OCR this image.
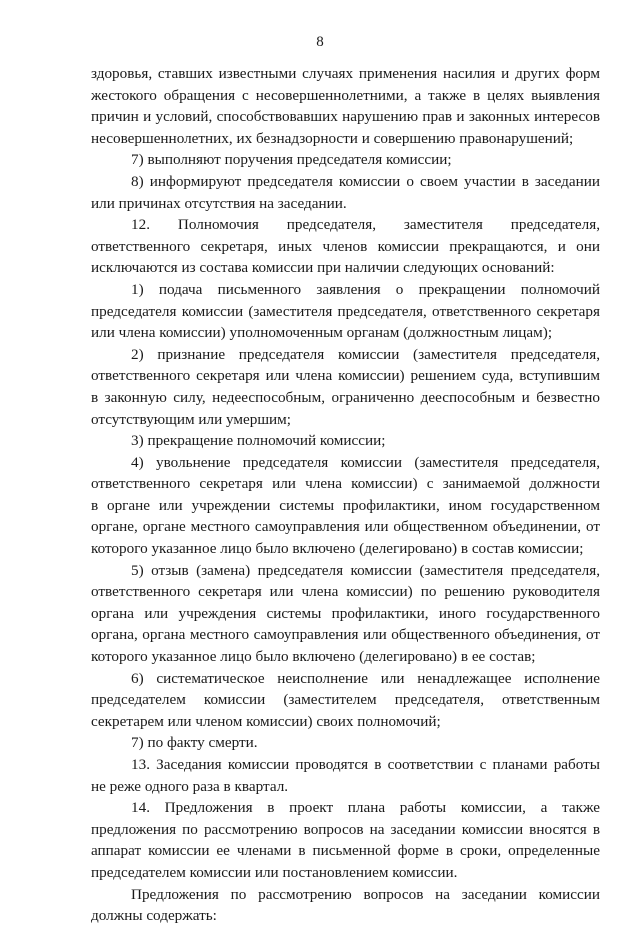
8
здоровья, ставших известными случаях применения насилия и других форм
жестокого обращения с несовершеннолетними, а также в целях выявления
причин и условий, способствовавших нарушению прав и законных интересов
несовершеннолетних, их безнадзорности и совершению правонарушений;
7) выполняют поручения председателя комиссии;
8) информируют председателя комиссии о своем участии в заседании
или причинах отсутствия на заседании.
12. Полномочия председателя, заместителя председателя,
ответственного секретаря, иных членов комиссии прекращаются, и они
исключаются из состава комиссии при наличии следующих оснований:
1) подача письменного заявления о прекращении полномочий
председателя комиссии (заместителя председателя, ответственного секретаря
или члена комиссии) уполномоченным органам (должностным лицам);
2) признание председателя комиссии (заместителя председателя,
ответственного секретаря или члена комиссии) решением суда, вступившим
в законную силу, недееспособным, ограниченно дееспособным и безвестно
отсутствующим или умершим;
3) прекращение полномочий комиссии;
4) увольнение председателя комиссии (заместителя председателя,
ответственного секретаря или члена комиссии) с занимаемой должности
в органе или учреждении системы профилактики, ином государственном
органе, органе местного самоуправления или общественном объединении, от
которого указанное лицо было включено (делегировано) в состав комиссии;
5) отзыв (замена) председателя комиссии (заместителя председателя,
ответственного секретаря или члена комиссии) по решению руководителя
органа или учреждения системы профилактики, иного государственного
органа, органа местного самоуправления или общественного объединения, от
которого указанное лицо было включено (делегировано) в ее состав;
6) систематическое неисполнение или ненадлежащее исполнение
председателем комиссии (заместителем председателя, ответственным
секретарем или членом комиссии) своих полномочий;
7) по факту смерти.
13. Заседания комиссии проводятся в соответствии с планами работы
не реже одного раза в квартал.
14. Предложения в проект плана работы комиссии, а также
предложения по рассмотрению вопросов на заседании комиссии вносятся в
аппарат комиссии ее членами в письменной форме в сроки, определенные
председателем комиссии или постановлением комиссии.
Предложения по рассмотрению вопросов на заседании комиссии
должны содержать:
